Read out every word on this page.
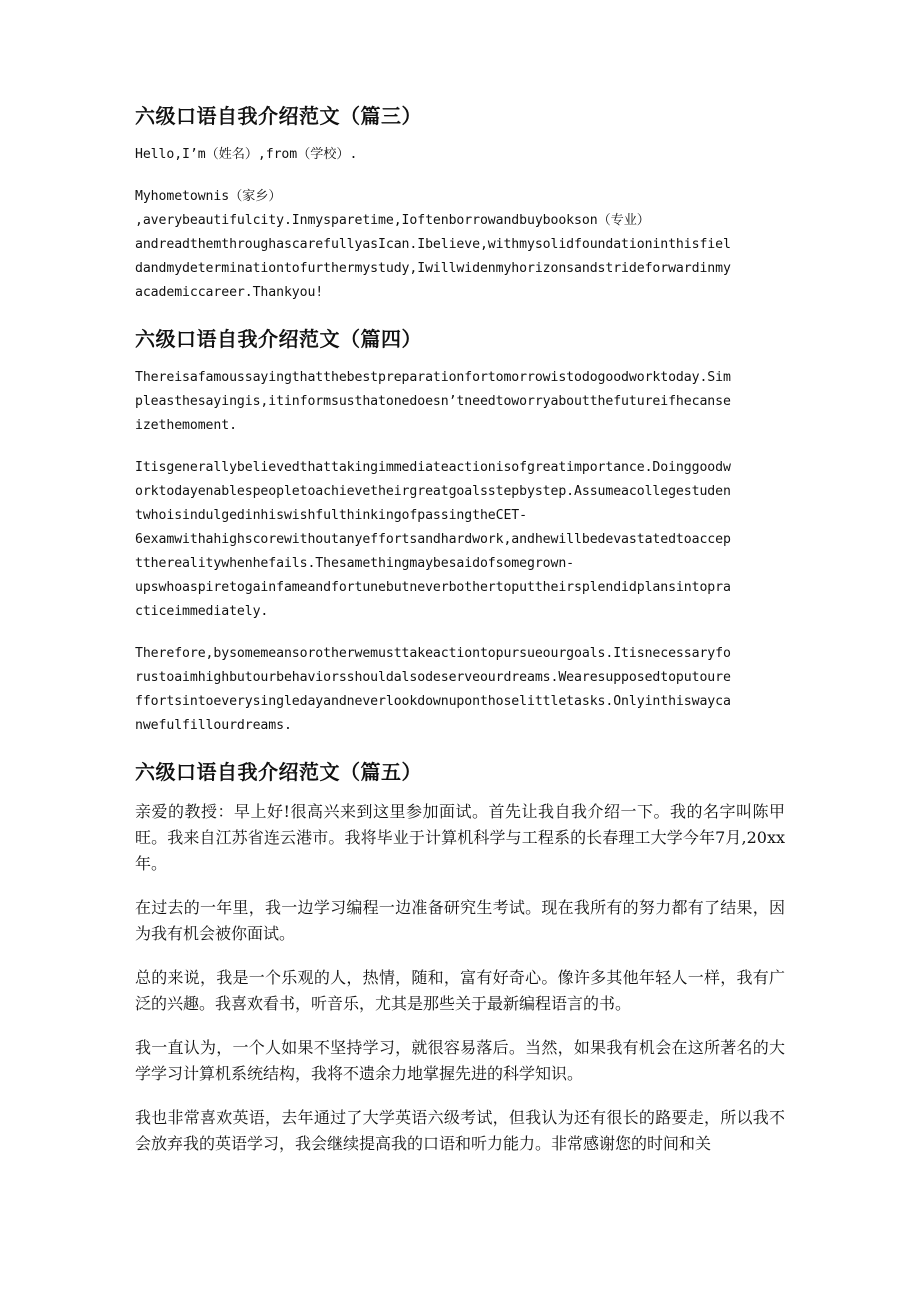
六级口语自我介绍范文（篇三）
Hello,I’m（姓名）,from（学校）.
Myhometownis（家乡）
,averybeautifulcity.Inmysparetime,Ioftenborrowandbuybookson（专业）
andreadthemthroughascarefullyasIcan.Ibelieve,withmysolidfoundationinthisfiel
dandmydeterminationtofurthermystudy,Iwillwidenmyhorizonsandstrideforwardinmy
academiccareer.Thankyou!
六级口语自我介绍范文（篇四）
Thereisafamoussayingthatthebestpreparationfortomorrowistodogoodworktoday.Sim
pleasthesayingis,itinformsusthatonedoesn’tneedtoworryaboutthefutureifhecanse
izethemoment.
Itisgenerallybelievedthattakingimmediateactionisofgreatimportance.Doinggoodw
orktodayenablespeopletoachievetheirgreatgoalsstepbystep.Assumeacollegestuden
twhoisindulgedinhiswishfulthinkingofpassingtheCET-
6examwithahighscorewithoutanyeffortsandhardwork,andhewillbedevastatedtoaccep
ttherealitywhenhefails.Thesamethingmaybesaidofsomegrown-
upswhoaspiretogainfameandfortunebutneverbothertoputtheirsplendidplansintopra
cticeimmediately.
Therefore,bysomemeansorotherwemusttakeactiontopursueourgoals.Itisnecessaryfo
rustoaimhighbutourbehaviorsshouldalsodeserveourdreams.Wearesupposedtoputoure
ffortsintoeverysingledayandneverlookdownuponthoselittletasks.Onlyinthiswayca
nwefulfillourdreams.
六级口语自我介绍范文（篇五）

亲爱的教授：早上好!很高兴来到这里参加面试。首先让我自我介绍一下。我的名字叫陈甲旺。我来自江苏省连云港市。我将毕业于计算机科学与工程系的长春理工大学今年7月,20xx年。

在过去的一年里，我一边学习编程一边准备研究生考试。现在我所有的努力都有了结果，因为我有机会被你面试。

总的来说，我是一个乐观的人，热情，随和，富有好奇心。像许多其他年轻人一样，我有广泛的兴趣。我喜欢看书，听音乐，尤其是那些关于最新编程语言的书。

我一直认为，一个人如果不坚持学习，就很容易落后。当然，如果我有机会在这所著名的大学学习计算机系统结构，我将不遗余力地掌握先进的科学知识。

我也非常喜欢英语，去年通过了大学英语六级考试，但我认为还有很长的路要走，所以我不会放弃我的英语学习，我会继续提高我的口语和听力能力。非常感谢您的时间和关
